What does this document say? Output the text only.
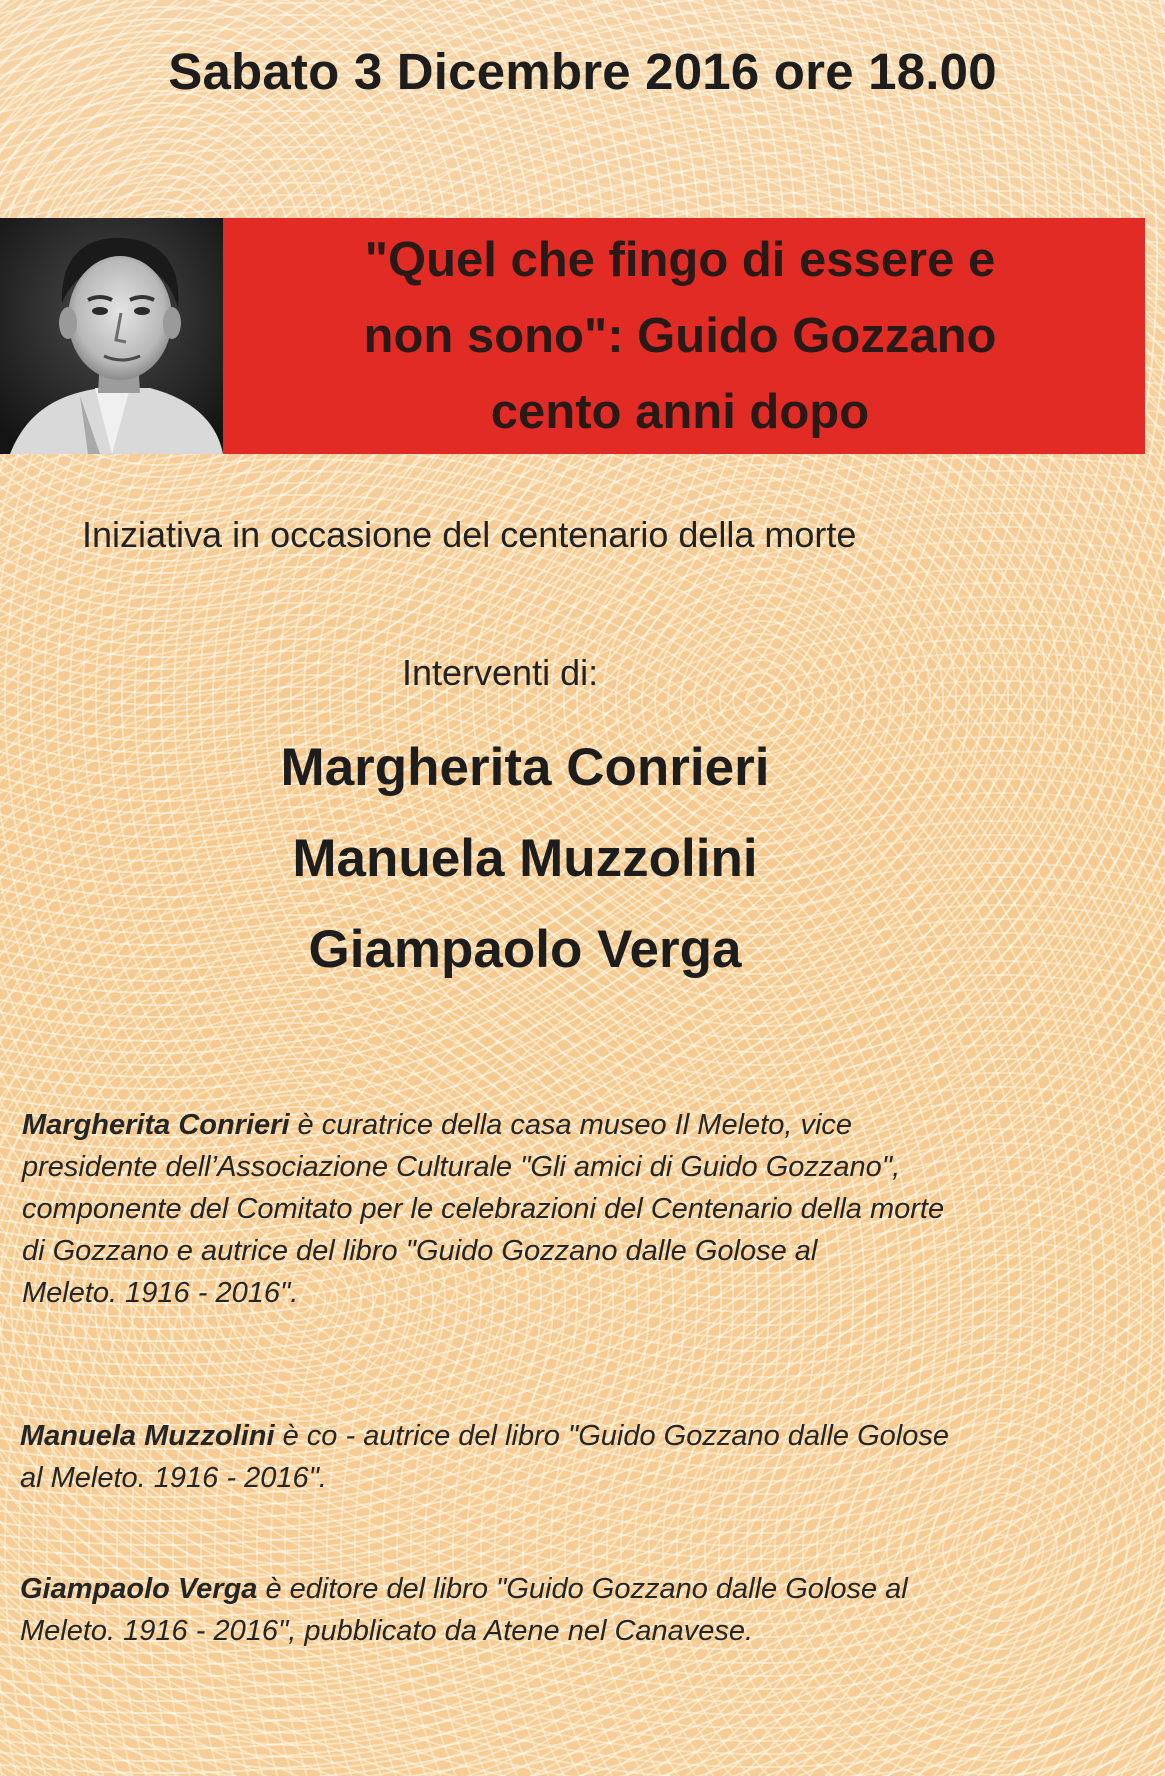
Sabato 3 Dicembre 2016 ore 18.00

"Quel che fingo di essere e
non sono": Guido Gozzano
cento anni dopo

Iniziativa in occasione del centenario della morte
Interventi di:
Margherita Conrieri
Manuela Muzzolini
Giampaolo Verga
Margherita Conrieri è curatrice della casa museo Il Meleto, vice
presidente dell’Associazione Culturale "Gli amici di Guido Gozzano",
componente del Comitato per le celebrazioni del Centenario della morte
di Gozzano e autrice del libro "Guido Gozzano dalle Golose al
Meleto. 1916 - 2016".
Manuela Muzzolini è co - autrice del libro "Guido Gozzano dalle Golose
al Meleto. 1916 - 2016".
Giampaolo Verga è editore del libro "Guido Gozzano dalle Golose al
Meleto. 1916 - 2016", pubblicato da Atene nel Canavese.
